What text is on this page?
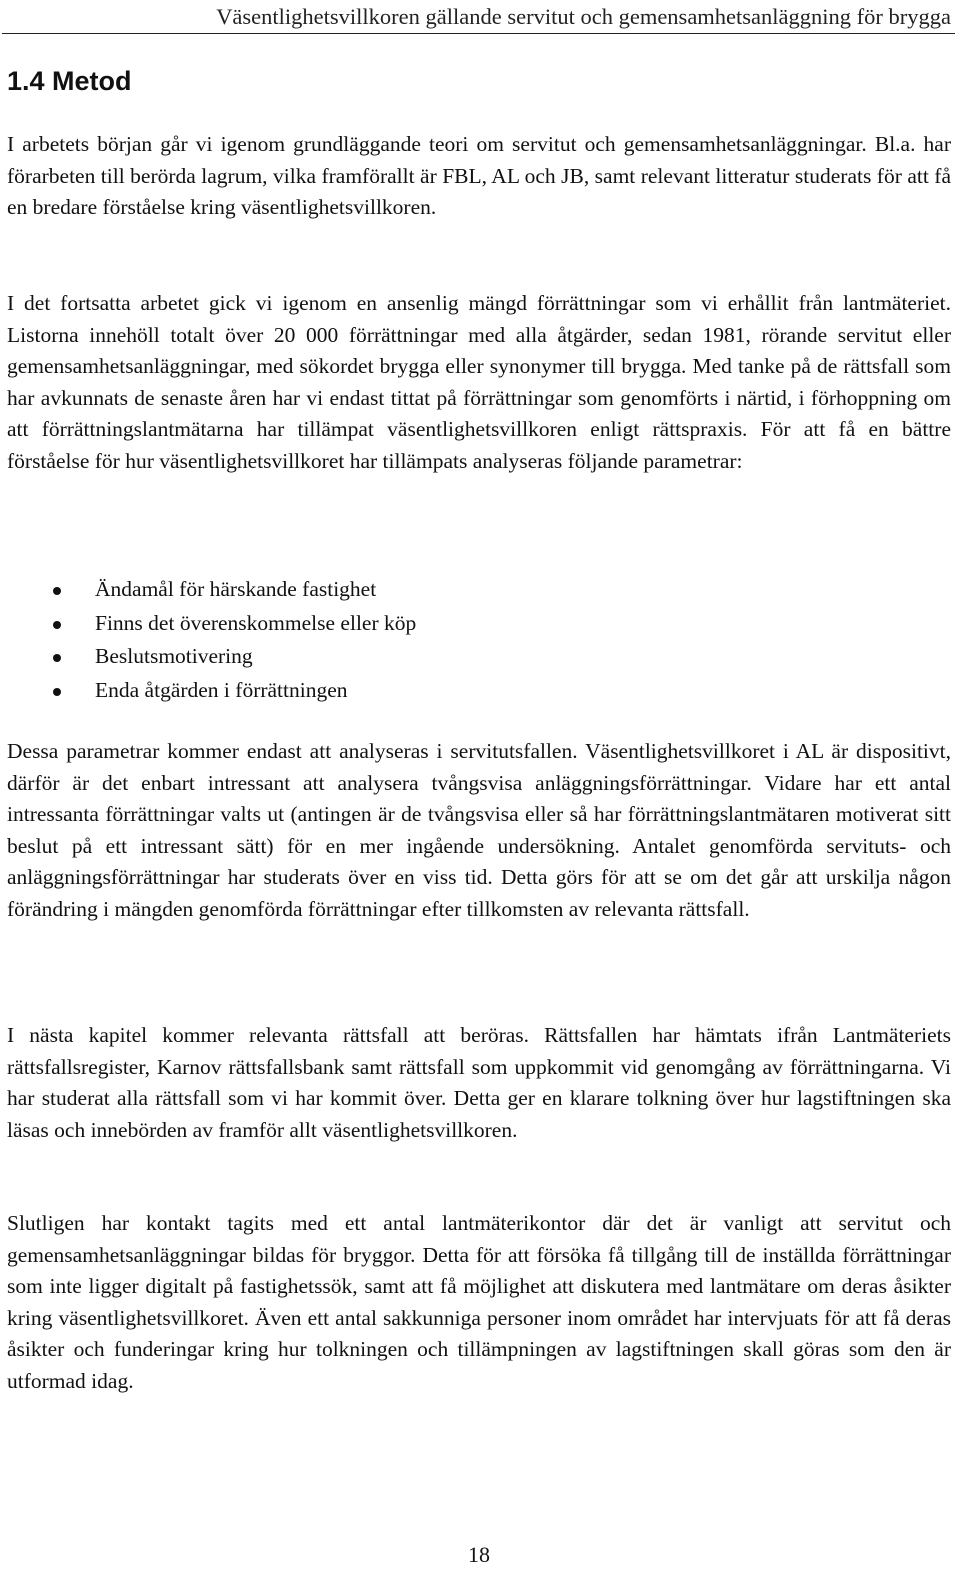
Väsentlighetsvillkoren gällande servitut och gemensamhetsanläggning för brygga
1.4 Metod

I arbetets början går vi igenom grundläggande teori om servitut och gemensamhetsanläggningar. Bl.a. har förarbeten till berörda lagrum, vilka framförallt är FBL, AL och JB, samt relevant litteratur studerats för att få en bredare förståelse kring väsentlighetsvillkoren.

I det fortsatta arbetet gick vi igenom en ansenlig mängd förrättningar som vi erhållit från lantmäteriet. Listorna innehöll totalt över 20 000 förrättningar med alla åtgärder, sedan 1981, rörande servitut eller gemensamhetsanläggningar, med sökordet brygga eller synonymer till brygga. Med tanke på de rättsfall som har avkunnats de senaste åren har vi endast tittat på förrättningar som genomförts i närtid, i förhoppning om att förrättningslantmätarna har tillämpat väsentlighetsvillkoren enligt rättspraxis. För att få en bättre förståelse för hur väsentlighetsvillkoret har tillämpats analyseras följande parametrar:

Ändamål för härskande fastighet
Finns det överenskommelse eller köp
Beslutsmotivering
Enda åtgärden i förrättningen

Dessa parametrar kommer endast att analyseras i servitutsfallen. Väsentlighetsvillkoret i AL är dispositivt, därför är det enbart intressant att analysera tvångsvisa anläggningsförrättningar. Vidare har ett antal intressanta förrättningar valts ut (antingen är de tvångsvisa eller så har förrättningslantmätaren motiverat sitt beslut på ett intressant sätt) för en mer ingående undersökning. Antalet genomförda servituts- och anläggningsförrättningar har studerats över en viss tid. Detta görs för att se om det går att urskilja någon förändring i mängden genomförda förrättningar efter tillkomsten av relevanta rättsfall.

I nästa kapitel kommer relevanta rättsfall att beröras. Rättsfallen har hämtats ifrån Lantmäteriets rättsfallsregister, Karnov rättsfallsbank samt rättsfall som uppkommit vid genomgång av förrättningarna. Vi har studerat alla rättsfall som vi har kommit över. Detta ger en klarare tolkning över hur lagstiftningen ska läsas och innebörden av framför allt väsentlighetsvillkoren.

Slutligen har kontakt tagits med ett antal lantmäterikontor där det är vanligt att servitut och gemensamhetsanläggningar bildas för bryggor. Detta för att försöka få tillgång till de inställda förrättningar som inte ligger digitalt på fastighetssök, samt att få möjlighet att diskutera med lantmätare om deras åsikter kring väsentlighetsvillkoret. Även ett antal sakkunniga personer inom området har intervjuats för att få deras åsikter och funderingar kring hur tolkningen och tillämpningen av lagstiftningen skall göras som den är utformad idag.

18
